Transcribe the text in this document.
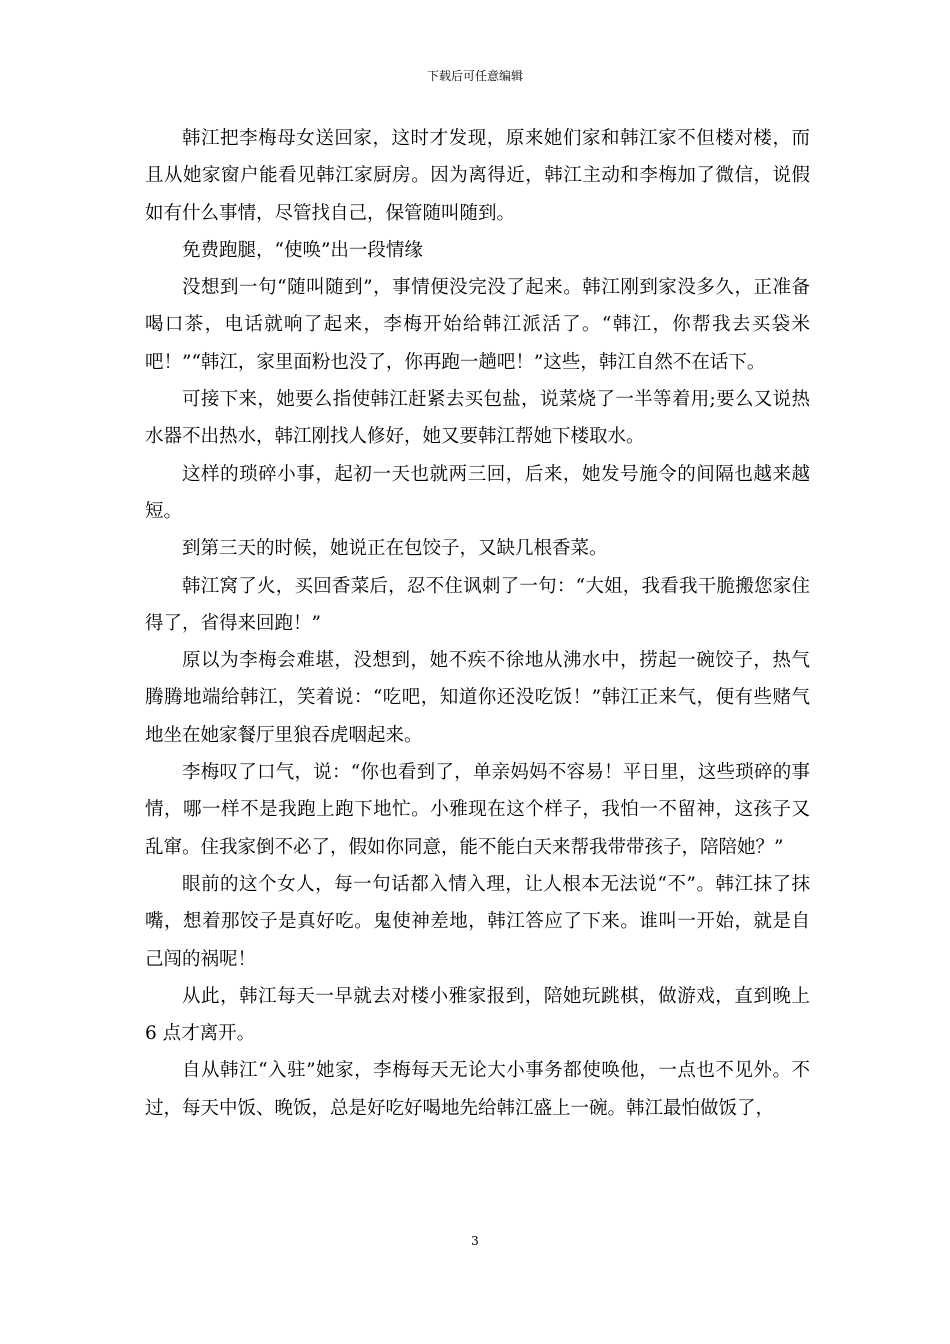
下载后可任意编辑

韩江把李梅母女送回家，这时才发现，原来她们家和韩江家不但楼对楼，而且从她家窗户能看见韩江家厨房。因为离得近，韩江主动和李梅加了微信，说假如有什么事情，尽管找自己，保管随叫随到。

免费跑腿，“使唤”出一段情缘

没想到一句“随叫随到”，事情便没完没了起来。韩江刚到家没多久，正准备喝口茶，电话就响了起来，李梅开始给韩江派活了。“韩江，你帮我去买袋米吧！”“韩江，家里面粉也没了，你再跑一趟吧！”这些，韩江自然不在话下。

可接下来，她要么指使韩江赶紧去买包盐，说菜烧了一半等着用;要么又说热水器不出热水，韩江刚找人修好，她又要韩江帮她下楼取水。

这样的琐碎小事，起初一天也就两三回，后来，她发号施令的间隔也越来越短。

到第三天的时候，她说正在包饺子，又缺几根香菜。

韩江窝了火，买回香菜后，忍不住讽刺了一句：“大姐，我看我干脆搬您家住得了，省得来回跑！”

原以为李梅会难堪，没想到，她不疾不徐地从沸水中，捞起一碗饺子，热气腾腾地端给韩江，笑着说：“吃吧，知道你还没吃饭！”韩江正来气，便有些赌气地坐在她家餐厅里狼吞虎咽起来。

李梅叹了口气，说：“你也看到了，单亲妈妈不容易！平日里，这些琐碎的事情，哪一样不是我跑上跑下地忙。小雅现在这个样子，我怕一不留神，这孩子又乱窜。住我家倒不必了，假如你同意，能不能白天来帮我带带孩子，陪陪她？”

眼前的这个女人，每一句话都入情入理，让人根本无法说“不”。韩江抹了抹嘴，想着那饺子是真好吃。鬼使神差地，韩江答应了下来。谁叫一开始，就是自己闯的祸呢！

从此，韩江每天一早就去对楼小雅家报到，陪她玩跳棋，做游戏，直到晚上 6 点才离开。

自从韩江“入驻”她家，李梅每天无论大小事务都使唤他，一点也不见外。不过，每天中饭、晚饭，总是好吃好喝地先给韩江盛上一碗。韩江最怕做饭了，

3
